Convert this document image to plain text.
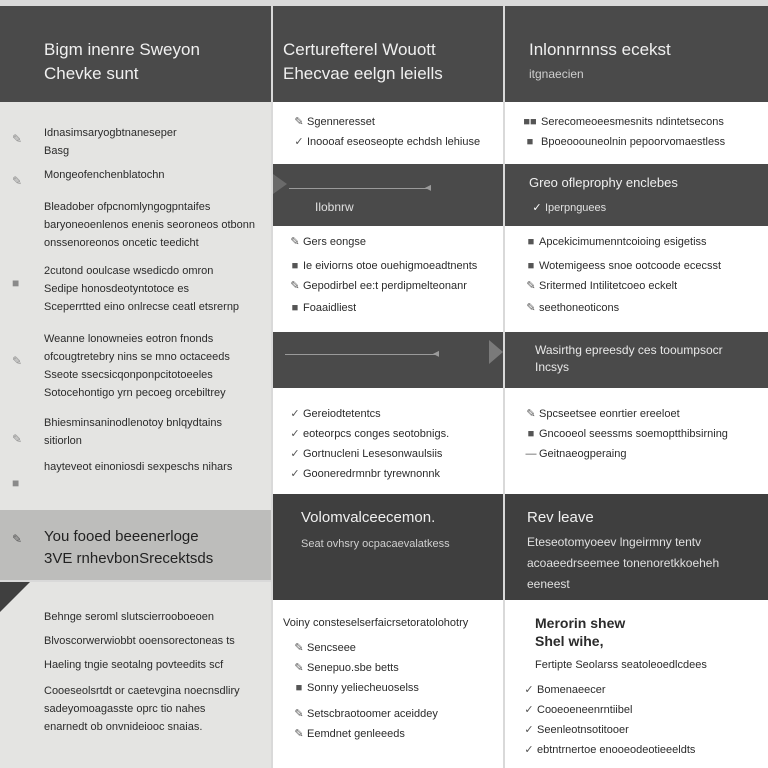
Bigm inenre Sweyon
Chevke sunt
✎ Idnasimsaryogbtnaneseper
Basg
✎ Mongeofenchenblatochn
Bleadober ofpcnomlyngogpntaifes
baryoneoenlenos enenis seoroneos otbonn
onssenoreonos oncetic teedicht
■
2cutond ooulcase wsedicdo omron
Sedipe honosdeotyntotoce es
Sceperrtted eino onlrecse ceatl etsrernp
✎
Weanne lonowneies eotron fnonds
ofcougtretebry nins se mno octaceeds
Sseote ssecsicqonponpcitotoeeles
Sotocehontigo yrn pecoeg orcebiltrey
✎
Bhiesminsaninodlenotoy bnlqydtains
sitiorlon
■
hayteveot einoniosdi sexpeschs nihars
✎ You fooed beeenerloge
3VE rnhevbonSrecektsds
Behnge seroml slutscierrooboeoen
Blvoscorwerwiobbt ooensorectoneas ts
Haeling tngie seotalng povteedits scf
Cooeseolsrtdt or caetevgina noecnsdliry
sadeyomoagasste oprc tio nahes
enarnedt ob onvnideiooc snaias.
Certurefterel Wouott
Ehecvae eelgn leiells
✎ Sgenneresset
✓ Inoooaf eseoseopte echdsh lehiuse
◂
Ilobnrw
✎ Gers eongse
■ Ie eiviorns otoe ouehigmoeadtnents
✎ Gepodirbel ee:t perdipmelteonanr
■ Foaaidliest
◂
✓ Gereiodtetentcs
✓ eoteorpcs conges seotobnigs.
✓ Gortnucleni Lesesonwaulsiis
✓ Gooneredrmnbr tyrewnonnk
Volomvalceecemon.
Seat ovhsry ocpacaevalatkess
Voiny consteselserfaicrsetoratolohotry
✎ Sencseee
✎ Senepuo.sbe betts
■ Sonny yeliecheuoselss
✎ Setscbraotoomer aceiddey
✎ Eemdnet genleeeds
Inlonnrnnss ecekst
itgnaecien
■■ Serecomeoeesmesnits ndintetsecons
■ Bpoeooouneolnin pepoorvomaestless
Greo ofleprophy enclebes
✓ Iperpnguees
■ Apcekicimumenntcoioing esigetiss
■ Wotemigeess snoe ootcoode ececsst
✎ Sritermed Intilitetcoeo eckelt
✎ seethoneoticons
Wasirthg epreesdy ces tooumpsocr
Incsys
✎ Spcseetsee eonrtier ereeloet
■ Gncooeol seessms soemoptthibsirning
— Geitnaeogperaing
Rev leave
Eteseotomyoeev lngeirmny tentv
acoaeedrseemee tonenoretkkoeheh
eeneest
Merorin shew
Shel wihe,
Fertipte Seolarss seatoleoedlcdees
✓ Bomenaeecer
✓ Cooeoeneenrntiibel
✓ Seenleotnsotitooer
✓ ebtntrnertoe enooeodeotieeeldts
